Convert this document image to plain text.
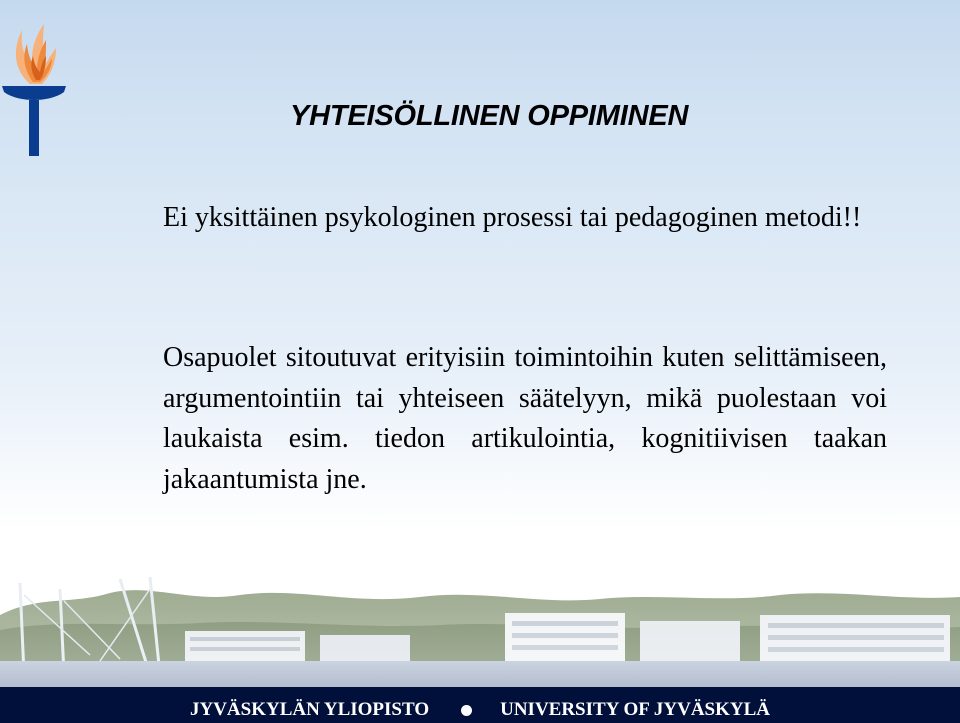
YHTEISÖLLINEN OPPIMINEN
Ei yksittäinen psykologinen prosessi tai pedagoginen metodi!!
Osapuolet sitoutuvat erityisiin toimintoihin kuten selittämiseen, argumentointiin tai yhteiseen säätelyyn, mikä puolestaan voi laukaista esim. tiedon artikulointia, kognitiivisen taakan jakaantumista jne.
JYVÄSKYLÄN YLIOPISTO	UNIVERSITY OF JYVÄSKYLÄ
